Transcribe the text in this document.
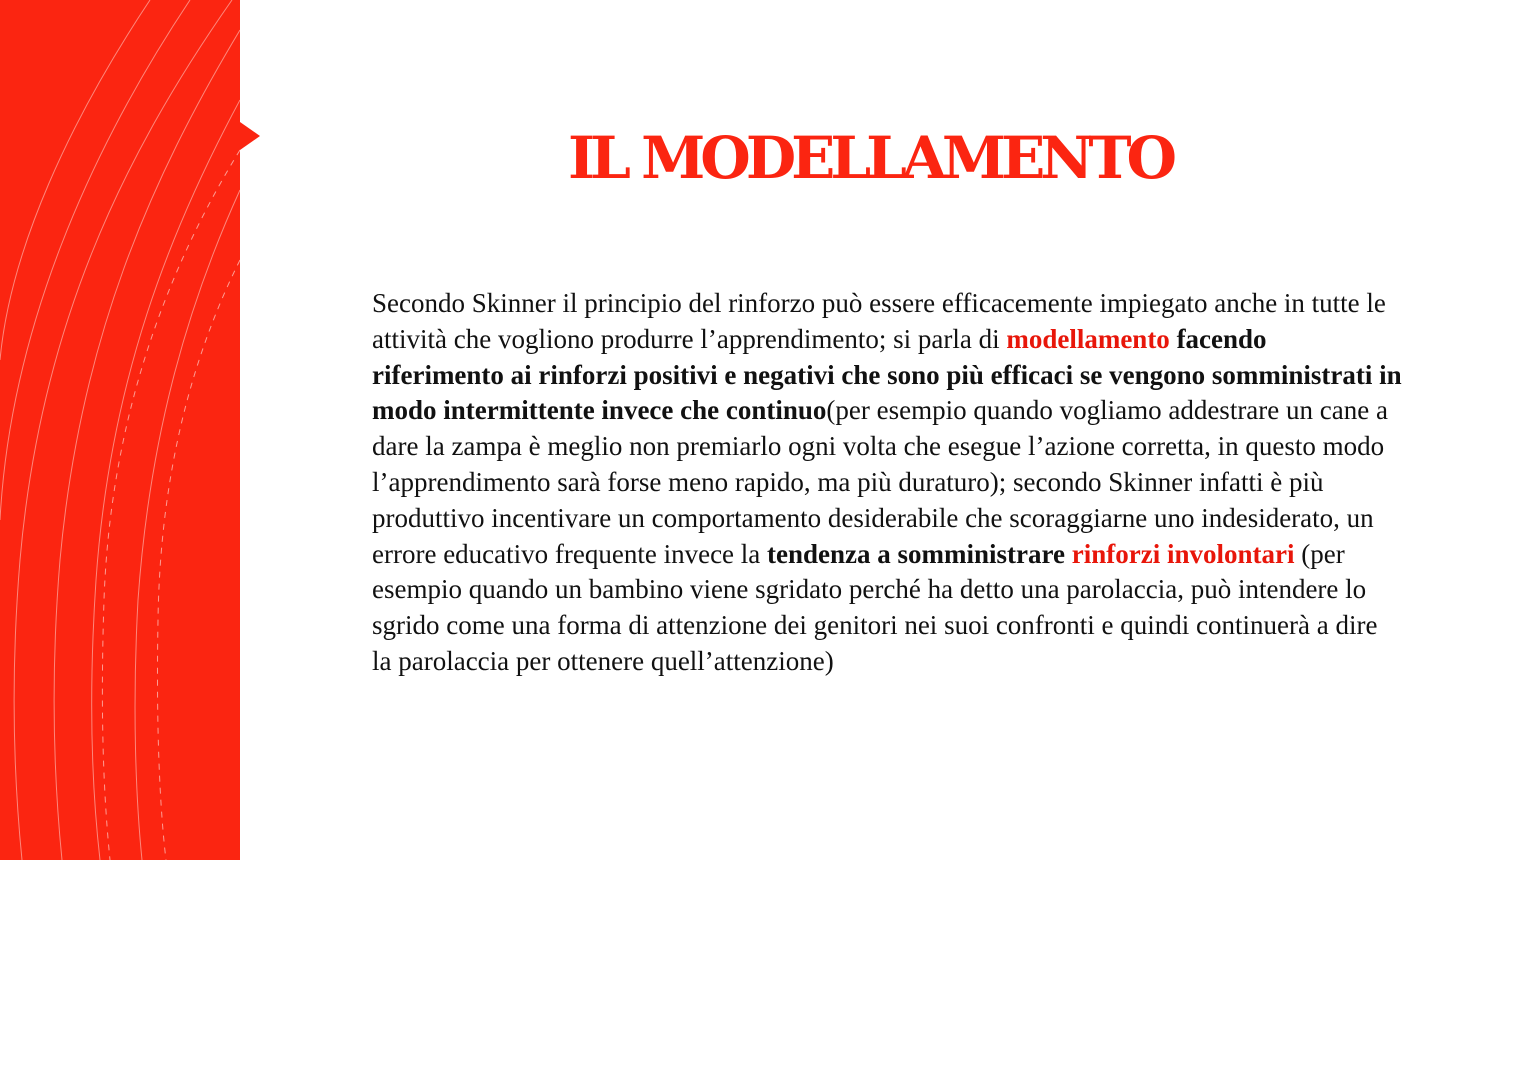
IL MODELLAMENTO

Secondo Skinner il principio del rinforzo può essere efficacemente impiegato anche in tutte le attività che vogliono produrre l’apprendimento; si parla di modellamento facendo riferimento ai rinforzi positivi e negativi che sono più efficaci se vengono somministrati in modo intermittente invece che continuo(per esempio quando vogliamo addestrare un cane a dare la zampa è meglio non premiarlo ogni volta che esegue l’azione corretta, in questo modo l’apprendimento sarà forse meno rapido, ma più duraturo); secondo Skinner infatti è più produttivo incentivare un comportamento desiderabile che scoraggiarne uno indesiderato, un errore educativo frequente invece la tendenza a somministrare rinforzi involontari (per esempio quando un bambino viene sgridato perché ha detto una parolaccia, può intendere lo sgrido come una forma di attenzione dei genitori nei suoi confronti e quindi continuerà a dire la parolaccia per ottenere quell’attenzione)
